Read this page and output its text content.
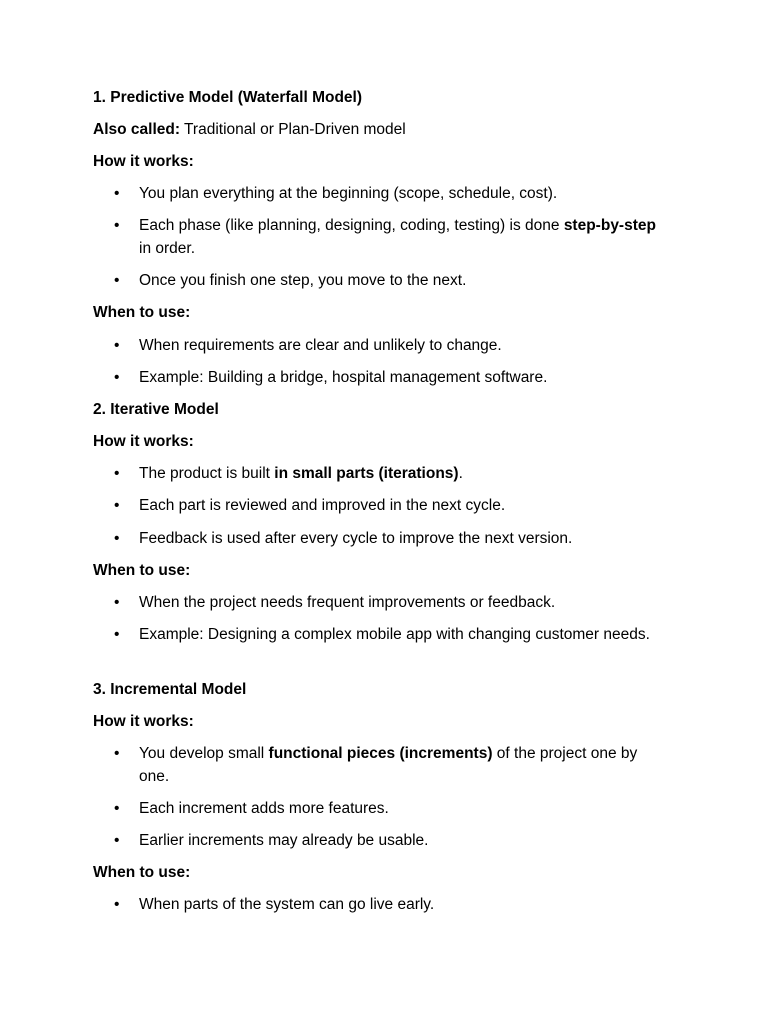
1. Predictive Model (Waterfall Model)
Also called: Traditional or Plan-Driven model
How it works:
• You plan everything at the beginning (scope, schedule, cost).
• Each phase (like planning, designing, coding, testing) is done step-by-step in order.
• Once you finish one step, you move to the next.
When to use:
• When requirements are clear and unlikely to change.
• Example: Building a bridge, hospital management software.
2. Iterative Model
How it works:
• The product is built in small parts (iterations).
• Each part is reviewed and improved in the next cycle.
• Feedback is used after every cycle to improve the next version.
When to use:
• When the project needs frequent improvements or feedback.
• Example: Designing a complex mobile app with changing customer needs.
3. Incremental Model
How it works:
• You develop small functional pieces (increments) of the project one by one.
• Each increment adds more features.
• Earlier increments may already be usable.
When to use:
• When parts of the system can go live early.
